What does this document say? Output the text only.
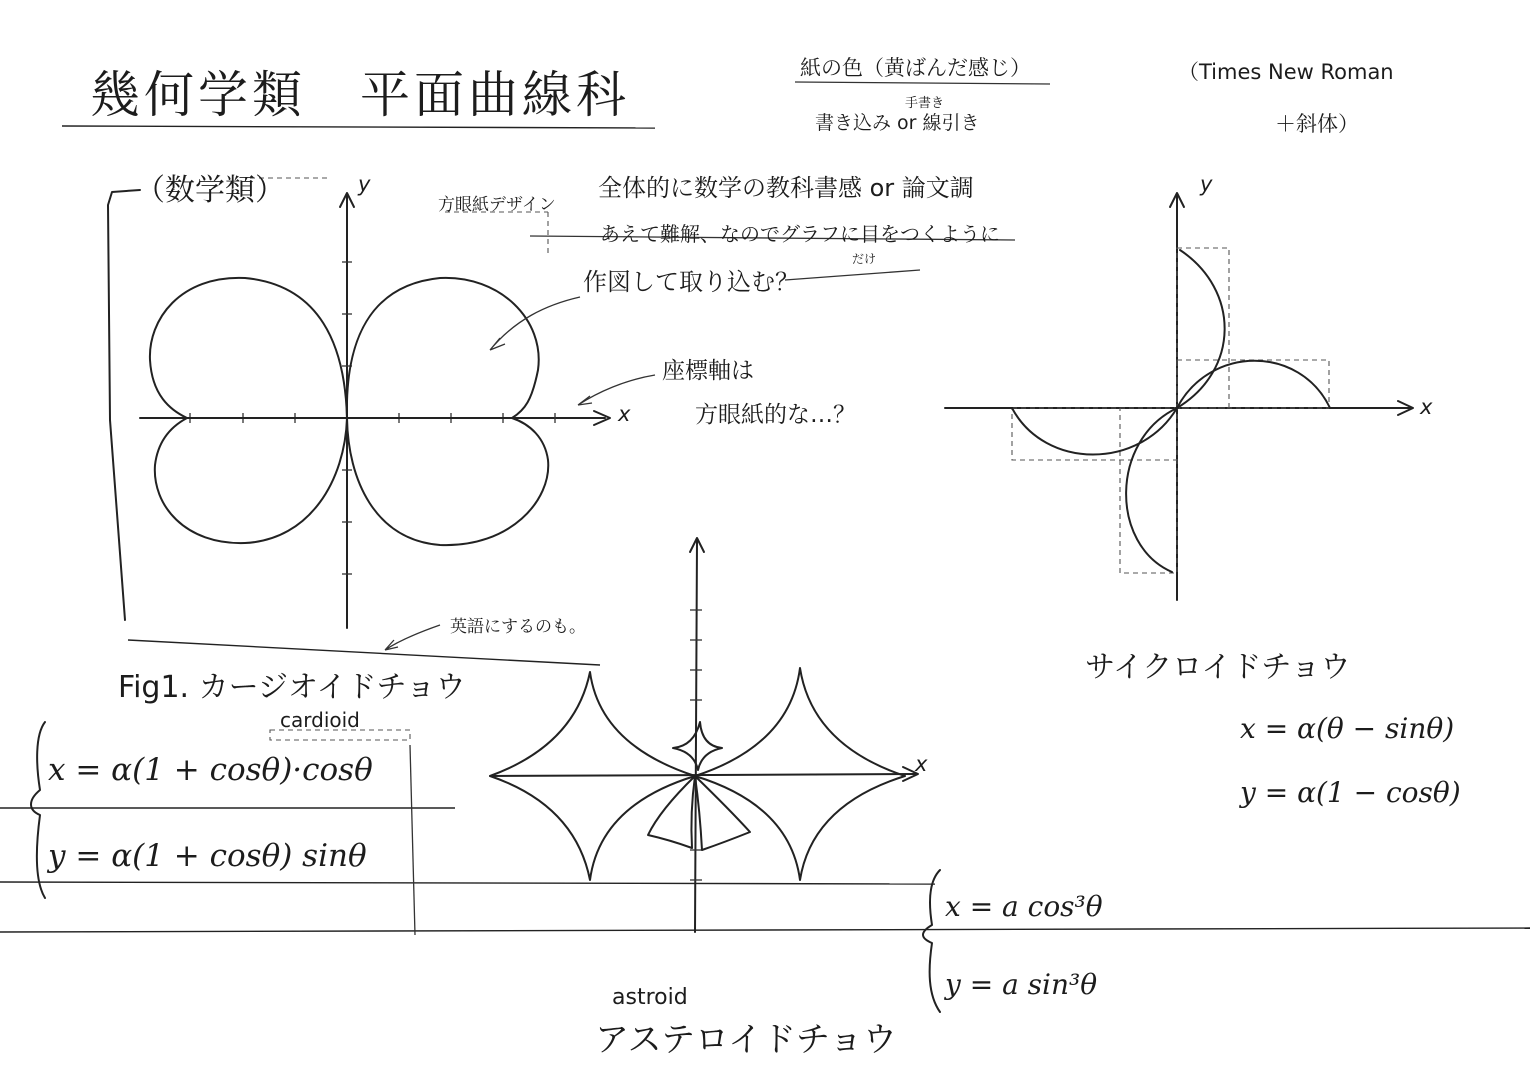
幾何学類　平面曲線科	紙の色（黄ばんだ感じ）
手書き
書き込み or 線引き
（Times New Roman
＋斜体）
（数学類）	y
x
方眼紙デザイン
全体的に数学の教科書感 or 論文調
あえて難解、なのでグラフに目をつくように
だけ
作図して取り込む？
座標軸は
方眼紙的な…？
英語にするのも。
Fig1. カージオイドチョウ
cardioid
x = α(1 + cosθ)·cosθ
y = α(1 + cosθ) sinθ
y
x
サイクロイドチョウ
x = α(θ − sinθ)
y = α(1 − cosθ)
x
x = a cos³θ
y = a sin³θ
astroid
アステロイドチョウ
